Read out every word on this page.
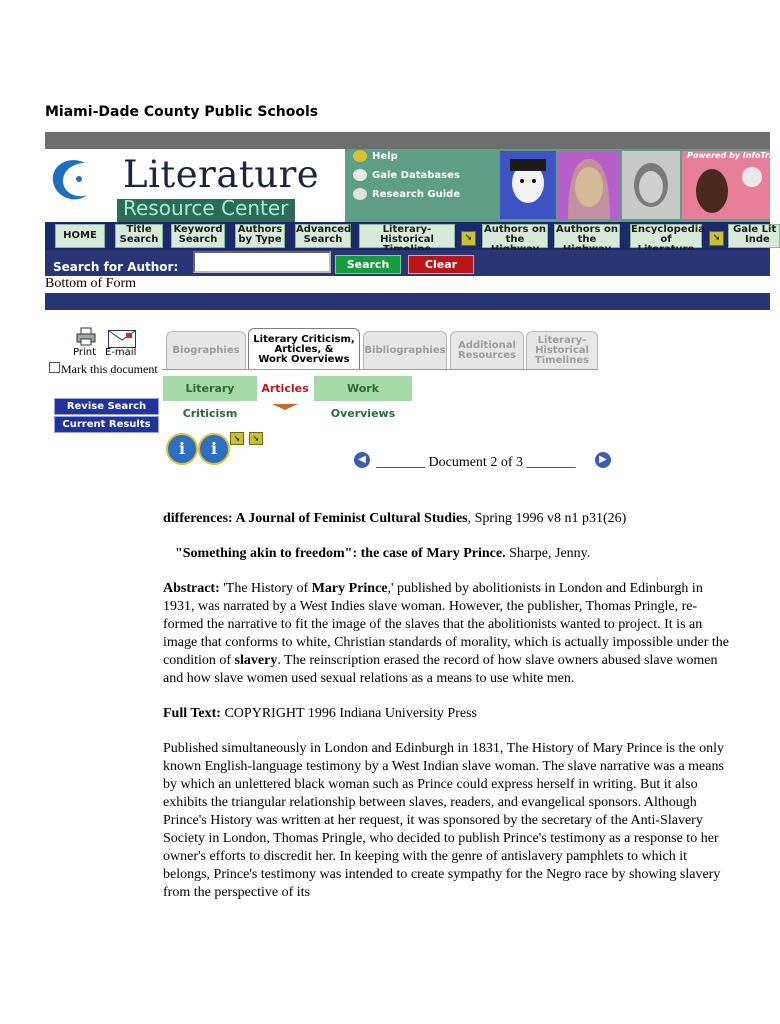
Miami-Dade County Public Schools
Literature
Resource Center
Help
Gale Databases
Research Guide
Powered by InfoTrac
HOME
Title
Search
Keyword
Search
Authors
by Type
Advanced
Search
Literary-Historical	➘
Authors on
the
Authors on
the
Encyclopedia
of	➘
Gale Lit
Inde
Search for Author:	Search	Clear
Bottom of Form
Print E-mail
Mark this document
Revise Search
Current Results
Biographies
Literary Criticism,
Articles, &
Work Overviews
Bibliographies Additional
Resources
Literary-
Historical
Timelines
Literary Criticism
Articles	Work Overviews
i	i
➘	➘
◀ _______ Document 2 of 3 _______	▶

differences: A Journal of Feminist Cultural Studies, Spring 1996 v8 n1 p31(26)

"Something akin to freedom": the case of Mary Prince. Sharpe, Jenny.

Abstract: 'The History of Mary Prince,' published by abolitionists in London and Edinburgh in 1931, was narrated by a West Indies slave woman. However, the publisher, Thomas Pringle, re-formed the narrative to fit the image of the slaves that the abolitionists wanted to project. It is an image that conforms to white, Christian standards of morality, which is actually impossible under the condition of slavery. The reinscription erased the record of how slave owners abused slave women and how slave women used sexual relations as a means to use white men.

Full Text: COPYRIGHT 1996 Indiana University Press

Published simultaneously in London and Edinburgh in 1831, The History of Mary Prince is the only known English-language testimony by a West Indian slave woman. The slave narrative was a means by which an unlettered black woman such as Prince could express herself in writing. But it also exhibits the triangular relationship between slaves, readers, and evangelical sponsors. Although Prince's History was written at her request, it was sponsored by the secretary of the Anti-Slavery Society in London, Thomas Pringle, who decided to publish Prince's testimony as a response to her owner's efforts to discredit her. In keeping with the genre of antislavery pamphlets to which it belongs, Prince's testimony was intended to create sympathy for the Negro race by showing slavery from the perspective of its
